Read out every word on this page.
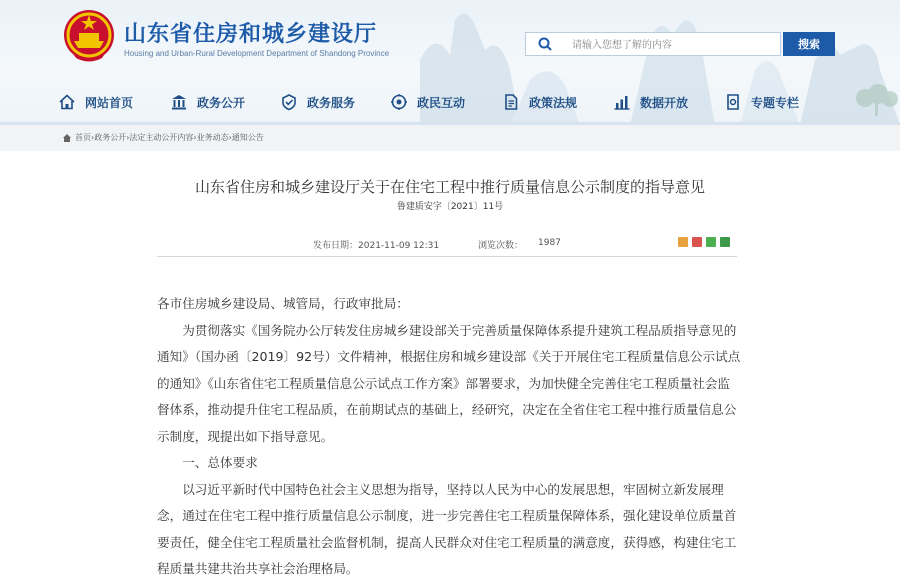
山东省住房和城乡建设厅
Housing and Urban-Rural Development Department of Shandong Province
请输入您想了解的内容
搜索
网站首页	政务公开	政务服务	政民互动	政策法规	数据开放	专题专栏
首页›政务公开›法定主动公开内容›业务动态›通知公告
山东省住房和城乡建设厅关于在住宅工程中推行质量信息公示制度的指导意见
鲁建质安字〔2021〕11号
发布日期：2021-11-09 12:31	浏览次数： 1987

各市住房城乡建设局、城管局，行政审批局：

为贯彻落实《国务院办公厅转发住房城乡建设部关于完善质量保障体系提升建筑工程品质指导意见的通知》（国办函〔2019〕92号）文件精神，根据住房和城乡建设部《关于开展住宅工程质量信息公示试点的通知》《山东省住宅工程质量信息公示试点工作方案》部署要求，为加快健全完善住宅工程质量社会监督体系，推动提升住宅工程品质，在前期试点的基础上，经研究，决定在全省住宅工程中推行质量信息公示制度，现提出如下指导意见。

一、总体要求

以习近平新时代中国特色社会主义思想为指导，坚持以人民为中心的发展思想，牢固树立新发展理念，通过在住宅工程中推行质量信息公示制度，进一步完善住宅工程质量保障体系，强化建设单位质量首要责任，健全住宅工程质量社会监督机制，提高人民群众对住宅工程质量的满意度，获得感，构建住宅工程质量共建共治共享社会治理格局。
